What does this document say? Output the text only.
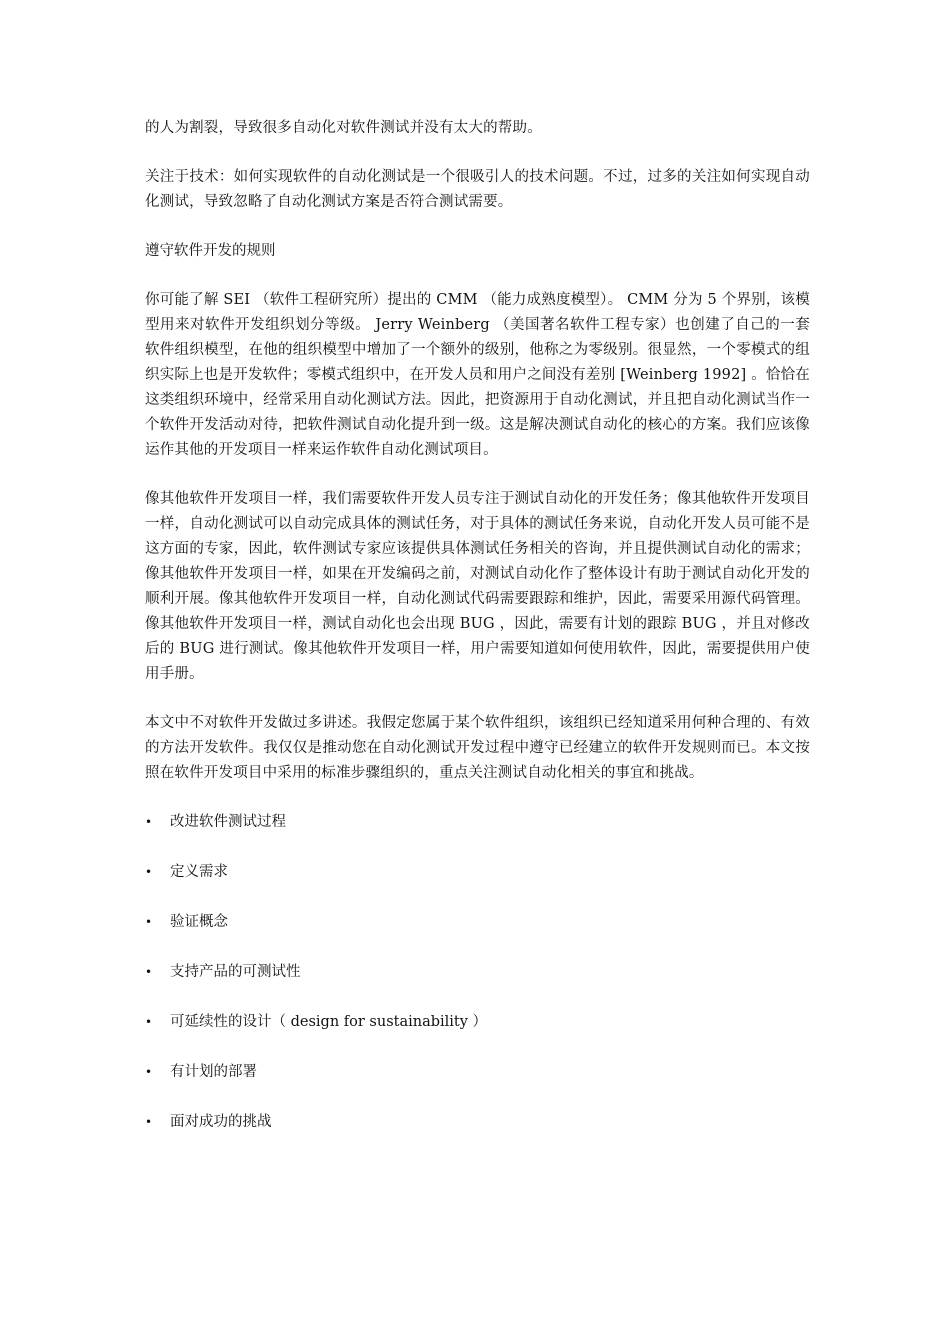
的人为割裂，导致很多自动化对软件测试并没有太大的帮助。

关注于技术：如何实现软件的自动化测试是一个很吸引人的技术问题。不过，过多的关注如何实现自动化测试，导致忽略了自动化测试方案是否符合测试需要。

遵守软件开发的规则

你可能了解 SEI （软件工程研究所）提出的 CMM （能力成熟度模型）。 CMM 分为 5 个界别，该模型用来对软件开发组织划分等级。 Jerry Weinberg （美国著名软件工程专家）也创建了自己的一套软件组织模型，在他的组织模型中增加了一个额外的级别，他称之为零级别。很显然，一个零模式的组织实际上也是开发软件；零模式组织中，在开发人员和用户之间没有差别 [Weinberg 1992] 。恰恰在这类组织环境中，经常采用自动化测试方法。因此，把资源用于自动化测试，并且把自动化测试当作一个软件开发活动对待，把软件测试自动化提升到一级。这是解决测试自动化的核心的方案。我们应该像运作其他的开发项目一样来运作软件自动化测试项目。

像其他软件开发项目一样，我们需要软件开发人员专注于测试自动化的开发任务；像其他软件开发项目一样，自动化测试可以自动完成具体的测试任务，对于具体的测试任务来说，自动化开发人员可能不是这方面的专家，因此，软件测试专家应该提供具体测试任务相关的咨询，并且提供测试自动化的需求；像其他软件开发项目一样，如果在开发编码之前，对测试自动化作了整体设计有助于测试自动化开发的顺利开展。像其他软件开发项目一样，自动化测试代码需要跟踪和维护，因此，需要采用源代码管理。像其他软件开发项目一样，测试自动化也会出现 BUG ，因此，需要有计划的跟踪 BUG ，并且对修改后的 BUG 进行测试。像其他软件开发项目一样，用户需要知道如何使用软件，因此，需要提供用户使用手册。

本文中不对软件开发做过多讲述。我假定您属于某个软件组织，该组织已经知道采用何种合理的、有效的方法开发软件。我仅仅是推动您在自动化测试开发过程中遵守已经建立的软件开发规则而已。本文按照在软件开发项目中采用的标准步骤组织的，重点关注测试自动化相关的事宜和挑战。

•	改进软件测试过程
•	定义需求
•	验证概念
•	支持产品的可测试性
•	可延续性的设计（ design for sustainability ）
•	有计划的部署
•	面对成功的挑战
